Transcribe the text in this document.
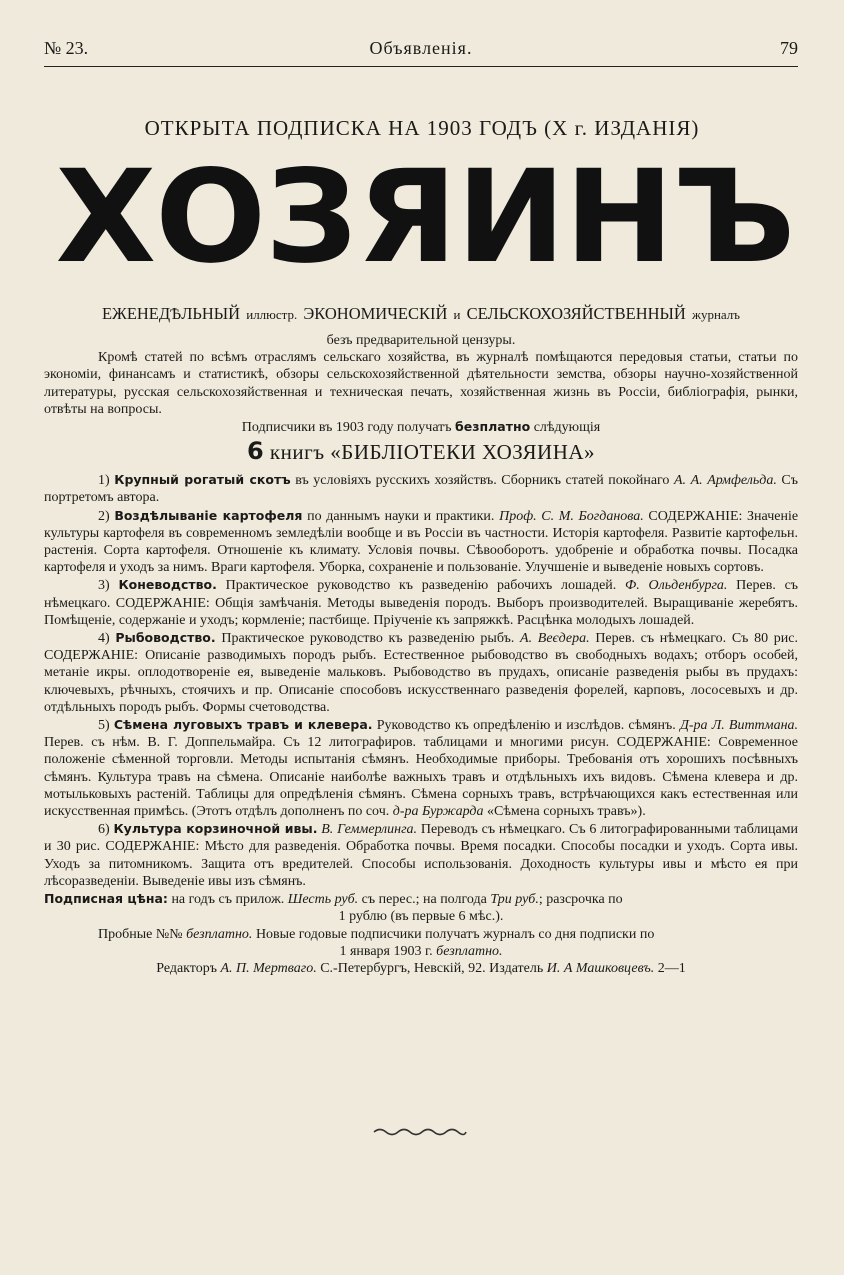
№ 23.	Объявленія.	79
ОТКРЫТА ПОДПИСКА НА 1903 ГОДЪ (X г. ИЗДАНІЯ)
ХОЗЯИНЪ
ЕЖЕНЕДѢЛЬНЫЙ иллюстр. ЭКОНОМИЧЕСКІЙ и СЕЛЬСКОХОЗЯЙСТВЕННЫЙ журналъ

безъ предварительной цензуры.

Кромѣ статей по всѣмъ отраслямъ сельскаго хозяйства, въ журналѣ помѣщаются передовыя статьи, статьи по экономіи, финансамъ и статистикѣ, обзоры сельскохозяйственной дѣятельности земства, обзоры научно-хозяйственной литературы, русская сельскохозяйственная и техническая печать, хозяйственная жизнь въ Россіи, библіографія, рынки, отвѣты на вопросы.

Подписчики въ 1903 году получатъ безплатно слѣдующія

6 книгъ «БИБЛІОТЕКИ ХОЗЯИНА»

1) Крупный рогатый скотъ въ условіяхъ русскихъ хозяйствъ. Сборникъ статей покойнаго А. А. Армфельда. Съ портретомъ автора.

2) Воздѣлываніе картофеля по даннымъ науки и практики. Проф. С. М. Богданова. СОДЕРЖАНІЕ: Значеніе культуры картофеля въ современномъ земледѣліи вообще и въ Россіи въ частности. Исторія картофеля. Развитіе картофельн. растенія. Сорта картофеля. Отношеніе къ климату. Условія почвы. Сѣвооборотъ. удобреніе и обработка почвы. Посадка картофеля и уходъ за нимъ. Враги картофеля. Уборка, сохраненіе и пользованіе. Улучшеніе и выведеніе новыхъ сортовъ.

3) Коневодство. Практическое руководство къ разведенію рабочихъ лошадей. Ф. Ольденбурга. Перев. съ нѣмецкаго. СОДЕРЖАНІЕ: Общія замѣчанія. Методы выведенія породъ. Выборъ производителей. Выращиваніе жеребятъ. Помѣщеніе, содержаніе и уходъ; кормленіе; пастбище. Пріученіе къ запряжкѣ. Расцѣнка молодыхъ лошадей.

4) Рыбоводство. Практическое руководство къ разведенію рыбъ. А. Веєдера. Перев. съ нѣмецкаго. Съ 80 рис. СОДЕРЖАНІЕ: Описаніе разводимыхъ породъ рыбъ. Естественное рыбоводство въ свободныхъ водахъ; отборъ особей, метаніе икры. оплодотвореніе ея, выведеніе мальковъ. Рыбоводство въ прудахъ, описаніе разведенія рыбы въ прудахъ: ключевыхъ, рѣчныхъ, стоячихъ и пр. Описаніе способовъ искусственнаго разведенія форелей, карповъ, лососевыхъ и др. отдѣльныхъ породъ рыбъ. Формы счетоводства.

5) Сѣмена луговыхъ травъ и клевера. Руководство къ опредѣленію и изслѣдов. сѣмянъ. Д-ра Л. Виттмана. Перев. съ нѣм. В. Г. Доппельмайра. Съ 12 литографиров. таблицами и многими рисун. СОДЕРЖАНІЕ: Современное положеніе сѣменной торговли. Методы испытанія сѣмянъ. Необходимые приборы. Требованія отъ хорошихъ посѣвныхъ сѣмянъ. Культура травъ на сѣмена. Описаніе наиболѣе важныхъ травъ и отдѣльныхъ ихъ видовъ. Сѣмена клевера и др. мотыльковыхъ растеній. Таблицы для опредѣленія сѣмянъ. Сѣмена сорныхъ травъ, встрѣчающихся какъ естественная или искусственная примѣсь. (Этотъ отдѣлъ дополненъ по соч. д-ра Буржарда «Сѣмена сорныхъ травъ»).

6) Культура корзиночной ивы. В. Геммерлинга. Переводъ съ нѣмецкаго. Съ 6 литографированными таблицами и 30 рис. СОДЕРЖАНІЕ: Мѣсто для разведенія. Обработка почвы. Время посадки. Способы посадки и уходъ. Сорта ивы. Уходъ за питомникомъ. Защита отъ вредителей. Способы использованія. Доходность культуры ивы и мѣсто ея при лѣсоразведеніи. Выведеніе ивы изъ сѣмянъ.

Подписная цѣна: на годъ съ прилож. Шесть руб. съ перес.; на полгода Три руб.; разсрочка по

1 рублю (въ первые 6 мѣс.).

Пробные №№ безплатно. Новые годовые подписчики получатъ журналъ со дня подписки по

1 января 1903 г. безплатно.

Редакторъ А. П. Мертваго. С.-Петербургъ, Невскій, 92. Издатель И. А Машковцевъ. 2—1
